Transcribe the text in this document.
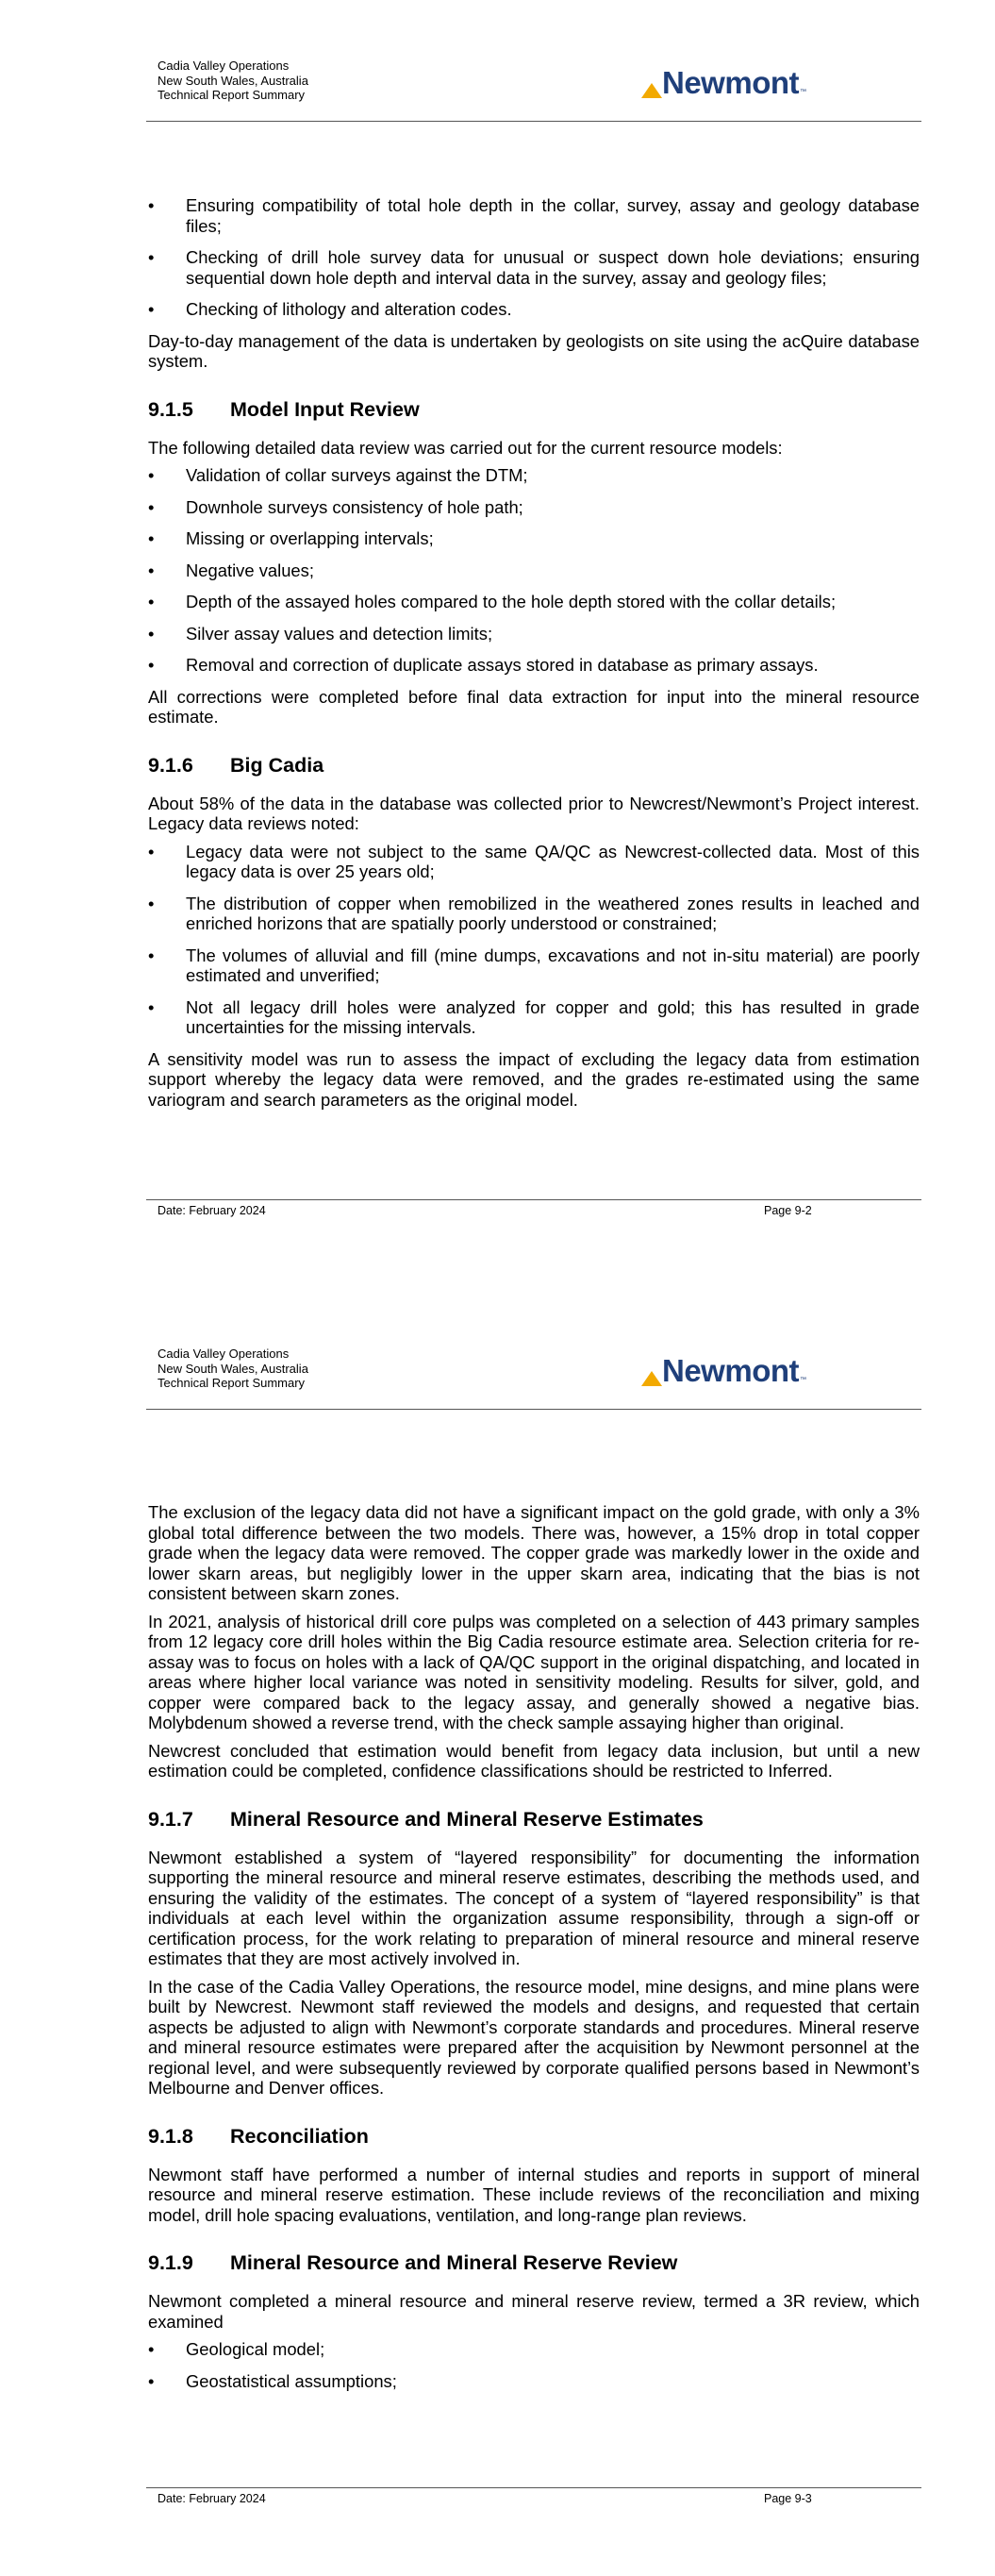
Cadia Valley Operations
New South Wales, Australia
Technical Report Summary	Newmont ™
• Ensuring compatibility of total hole depth in the collar, survey, assay and geology database files;
• Checking of drill hole survey data for unusual or suspect down hole deviations; ensuring sequential down hole depth and interval data in the survey, assay and geology files;
• Checking of lithology and alteration codes.

Day-to-day management of the data is undertaken by geologists on site using the acQuire database system.

9.1.5 Model Input Review

The following detailed data review was carried out for the current resource models:

• Validation of collar surveys against the DTM;
• Downhole surveys consistency of hole path;
• Missing or overlapping intervals;
• Negative values;
• Depth of the assayed holes compared to the hole depth stored with the collar details;
• Silver assay values and detection limits;
• Removal and correction of duplicate assays stored in database as primary assays.

All corrections were completed before final data extraction for input into the mineral resource estimate.

9.1.6 Big Cadia

About 58% of the data in the database was collected prior to Newcrest/Newmont’s Project interest. Legacy data reviews noted:

• Legacy data were not subject to the same QA/QC as Newcrest-collected data. Most of this legacy data is over 25 years old;
• The distribution of copper when remobilized in the weathered zones results in leached and enriched horizons that are spatially poorly understood or constrained;
• The volumes of alluvial and fill (mine dumps, excavations and not in-situ material) are poorly estimated and unverified;
• Not all legacy drill holes were analyzed for copper and gold; this has resulted in grade uncertainties for the missing intervals.

A sensitivity model was run to assess the impact of excluding the legacy data from estimation support whereby the legacy data were removed, and the grades re-estimated using the same variogram and search parameters as the original model.

Date: February 2024	Page 9-2
Cadia Valley Operations
New South Wales, Australia
Technical Report Summary	Newmont ™

The exclusion of the legacy data did not have a significant impact on the gold grade, with only a 3% global total difference between the two models. There was, however, a 15% drop in total copper grade when the legacy data were removed. The copper grade was markedly lower in the oxide and lower skarn areas, but negligibly lower in the upper skarn area, indicating that the bias is not consistent between skarn zones.

In 2021, analysis of historical drill core pulps was completed on a selection of 443 primary samples from 12 legacy core drill holes within the Big Cadia resource estimate area. Selection criteria for re-assay was to focus on holes with a lack of QA/QC support in the original dispatching, and located in areas where higher local variance was noted in sensitivity modeling. Results for silver, gold, and copper were compared back to the legacy assay, and generally showed a negative bias. Molybdenum showed a reverse trend, with the check sample assaying higher than original.

Newcrest concluded that estimation would benefit from legacy data inclusion, but until a new estimation could be completed, confidence classifications should be restricted to Inferred.

9.1.7 Mineral Resource and Mineral Reserve Estimates

Newmont established a system of “layered responsibility” for documenting the information supporting the mineral resource and mineral reserve estimates, describing the methods used, and ensuring the validity of the estimates. The concept of a system of “layered responsibility” is that individuals at each level within the organization assume responsibility, through a sign-off or certification process, for the work relating to preparation of mineral resource and mineral reserve estimates that they are most actively involved in.

In the case of the Cadia Valley Operations, the resource model, mine designs, and mine plans were built by Newcrest. Newmont staff reviewed the models and designs, and requested that certain aspects be adjusted to align with Newmont’s corporate standards and procedures. Mineral reserve and mineral resource estimates were prepared after the acquisition by Newmont personnel at the regional level, and were subsequently reviewed by corporate qualified persons based in Newmont’s Melbourne and Denver offices.

9.1.8 Reconciliation

Newmont staff have performed a number of internal studies and reports in support of mineral resource and mineral reserve estimation. These include reviews of the reconciliation and mixing model, drill hole spacing evaluations, ventilation, and long-range plan reviews.

9.1.9 Mineral Resource and Mineral Reserve Review

Newmont completed a mineral resource and mineral reserve review, termed a 3R review, which examined

• Geological model;
• Geostatistical assumptions;
Date: February 2024	Page 9-3
